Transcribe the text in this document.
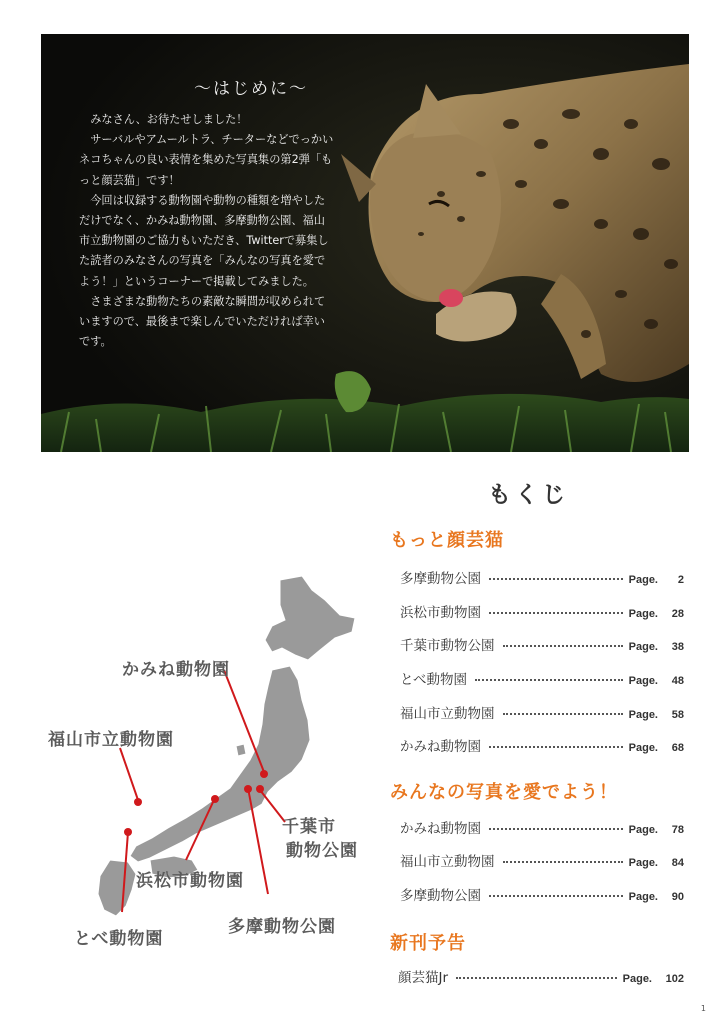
～はじめに～

みなさん、お待たせしました！

サーバルやアムールトラ、チーターなどでっかいネコちゃんの良い表情を集めた写真集の第2弾「もっと顔芸猫」です！

今回は収録する動物園や動物の種類を増やしただけでなく、かみね動物園、多摩動物公園、福山市立動物園のご協力もいただき、Twitterで募集した読者のみなさんの写真を「みんなの写真を愛でよう！」というコーナーで掲載してみました。

さまざまな動物たちの素敵な瞬間が収められていますので、最後まで楽しんでいただければ幸いです。

かみね動物園
福山市立動物園
千葉市
動物公園
浜松市動物園
とべ動物園
多摩動物公園
もくじ
もっと顔芸猫
多摩動物公園	Page. 2
浜松市動物園	Page. 28
千葉市動物公園	Page. 38
とべ動物園	Page. 48
福山市立動物園	Page. 58
かみね動物園	Page. 68
みんなの写真を愛でよう！
かみね動物園	Page. 78
福山市立動物園	Page. 84
多摩動物公園	Page. 90
新刊予告
顔芸猫Jr	Page. 102
1
